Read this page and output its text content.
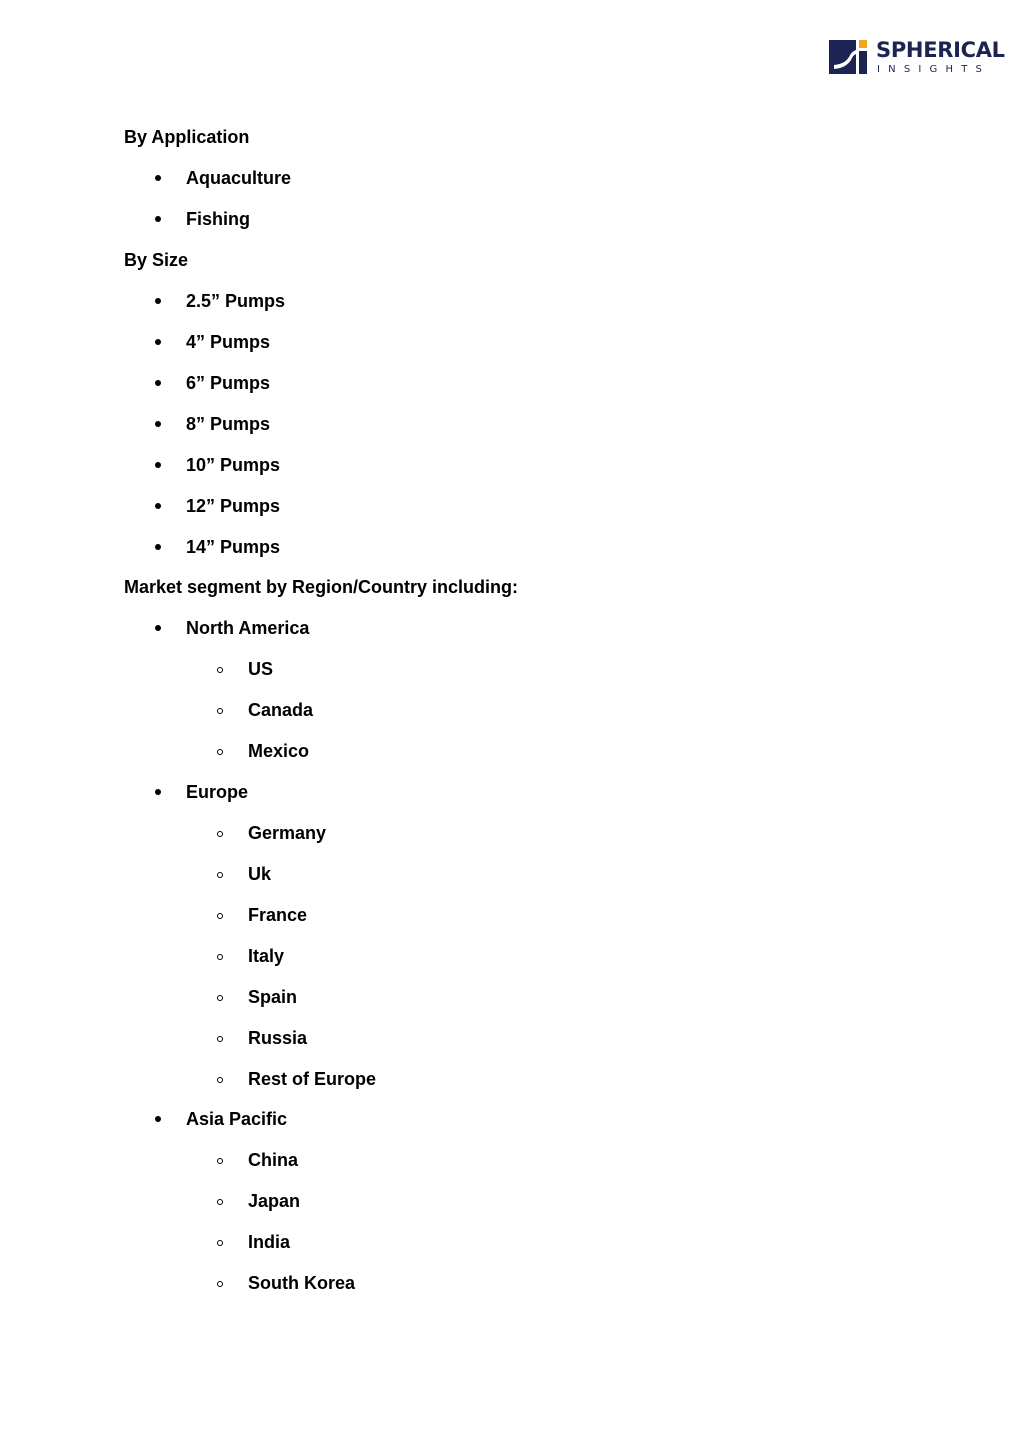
SPHERICAL
INSIGHTS
By Application
Aquaculture
Fishing
By Size
2.5” Pumps
4” Pumps
6” Pumps
8” Pumps
10” Pumps
12” Pumps
14” Pumps
Market segment by Region/Country including:
North America
US
Canada
Mexico
Europe
Germany
Uk
France
Italy
Spain
Russia
Rest of Europe
Asia Pacific
China
Japan
India
South Korea
